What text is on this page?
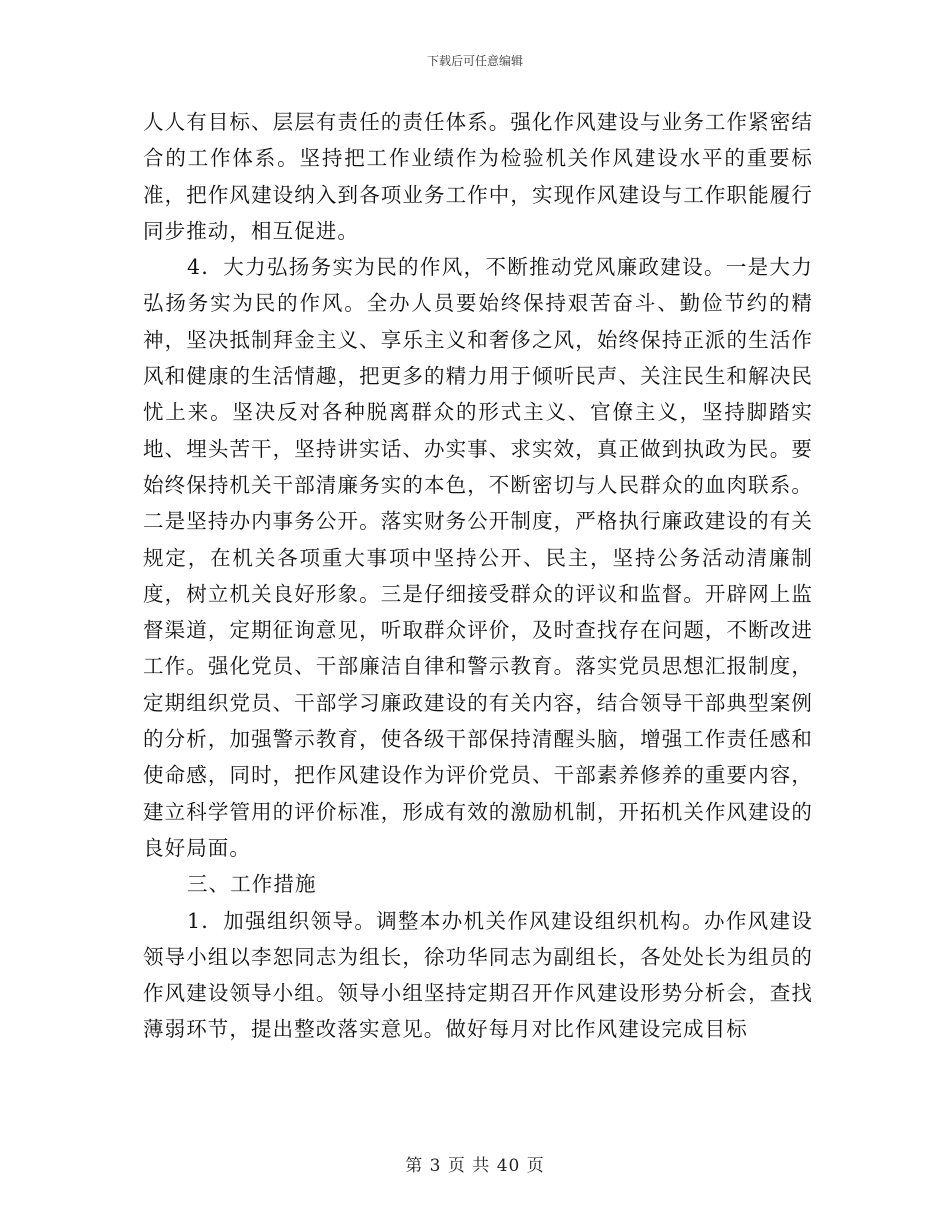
下载后可任意编辑

人人有目标、层层有责任的责任体系。强化作风建设与业务工作紧密结合的工作体系。坚持把工作业绩作为检验机关作风建设水平的重要标准，把作风建设纳入到各项业务工作中，实现作风建设与工作职能履行同步推动，相互促进。

4．大力弘扬务实为民的作风，不断推动党风廉政建设。一是大力弘扬务实为民的作风。全办人员要始终保持艰苦奋斗、勤俭节约的精神，坚决抵制拜金主义、享乐主义和奢侈之风，始终保持正派的生活作风和健康的生活情趣，把更多的精力用于倾听民声、关注民生和解决民忧上来。坚决反对各种脱离群众的形式主义、官僚主义，坚持脚踏实地、埋头苦干，坚持讲实话、办实事、求实效，真正做到执政为民。要始终保持机关干部清廉务实的本色，不断密切与人民群众的血肉联系。二是坚持办内事务公开。落实财务公开制度，严格执行廉政建设的有关规定，在机关各项重大事项中坚持公开、民主，坚持公务活动清廉制度，树立机关良好形象。三是仔细接受群众的评议和监督。开辟网上监督渠道，定期征询意见，听取群众评价，及时查找存在问题，不断改进工作。强化党员、干部廉洁自律和警示教育。落实党员思想汇报制度，定期组织党员、干部学习廉政建设的有关内容，结合领导干部典型案例的分析，加强警示教育，使各级干部保持清醒头脑，增强工作责任感和使命感，同时，把作风建设作为评价党员、干部素养修养的重要内容，建立科学管用的评价标准，形成有效的激励机制，开拓机关作风建设的良好局面。

三、工作措施

1．加强组织领导。调整本办机关作风建设组织机构。办作风建设领导小组以李恕同志为组长，徐功华同志为副组长，各处处长为组员的作风建设领导小组。领导小组坚持定期召开作风建设形势分析会，查找薄弱环节，提出整改落实意见。做好每月对比作风建设完成目标

第 3 页 共 40 页
